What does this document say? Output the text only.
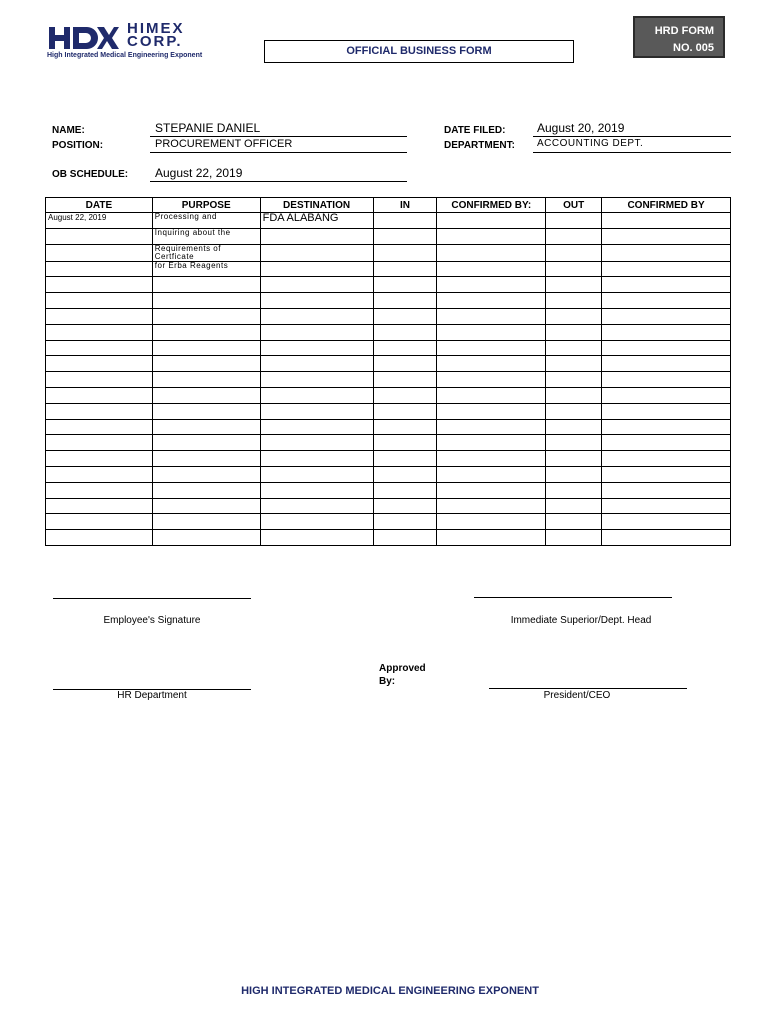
HIMEX
CORP.
High Integrated Medical Engineering Exponent	OFFICIAL BUSINESS FORM
HRD FORM
NO. 005
NAME:	STEPANIE DANIEL
POSITION:	PROCUREMENT OFFICER
OB SCHEDULE: August 22, 2019
DATE FILED:	August 20, 2019
DEPARTMENT: ACCOUNTING DEPT.
DATE	PURPOSE	DESTINATION	IN	CONFIRMED BY:	OUT	CONFIRMED BY
August 22, 2019	Processing and	FDA ALABANG				
	Inquiring about the					
	Requirements of Certficate					
	for Erba Reagents					

Employee's Signature	Immediate Superior/Dept. Head
HR Department
Approved By:
President/CEO
HIGH INTEGRATED MEDICAL ENGINEERING EXPONENT
